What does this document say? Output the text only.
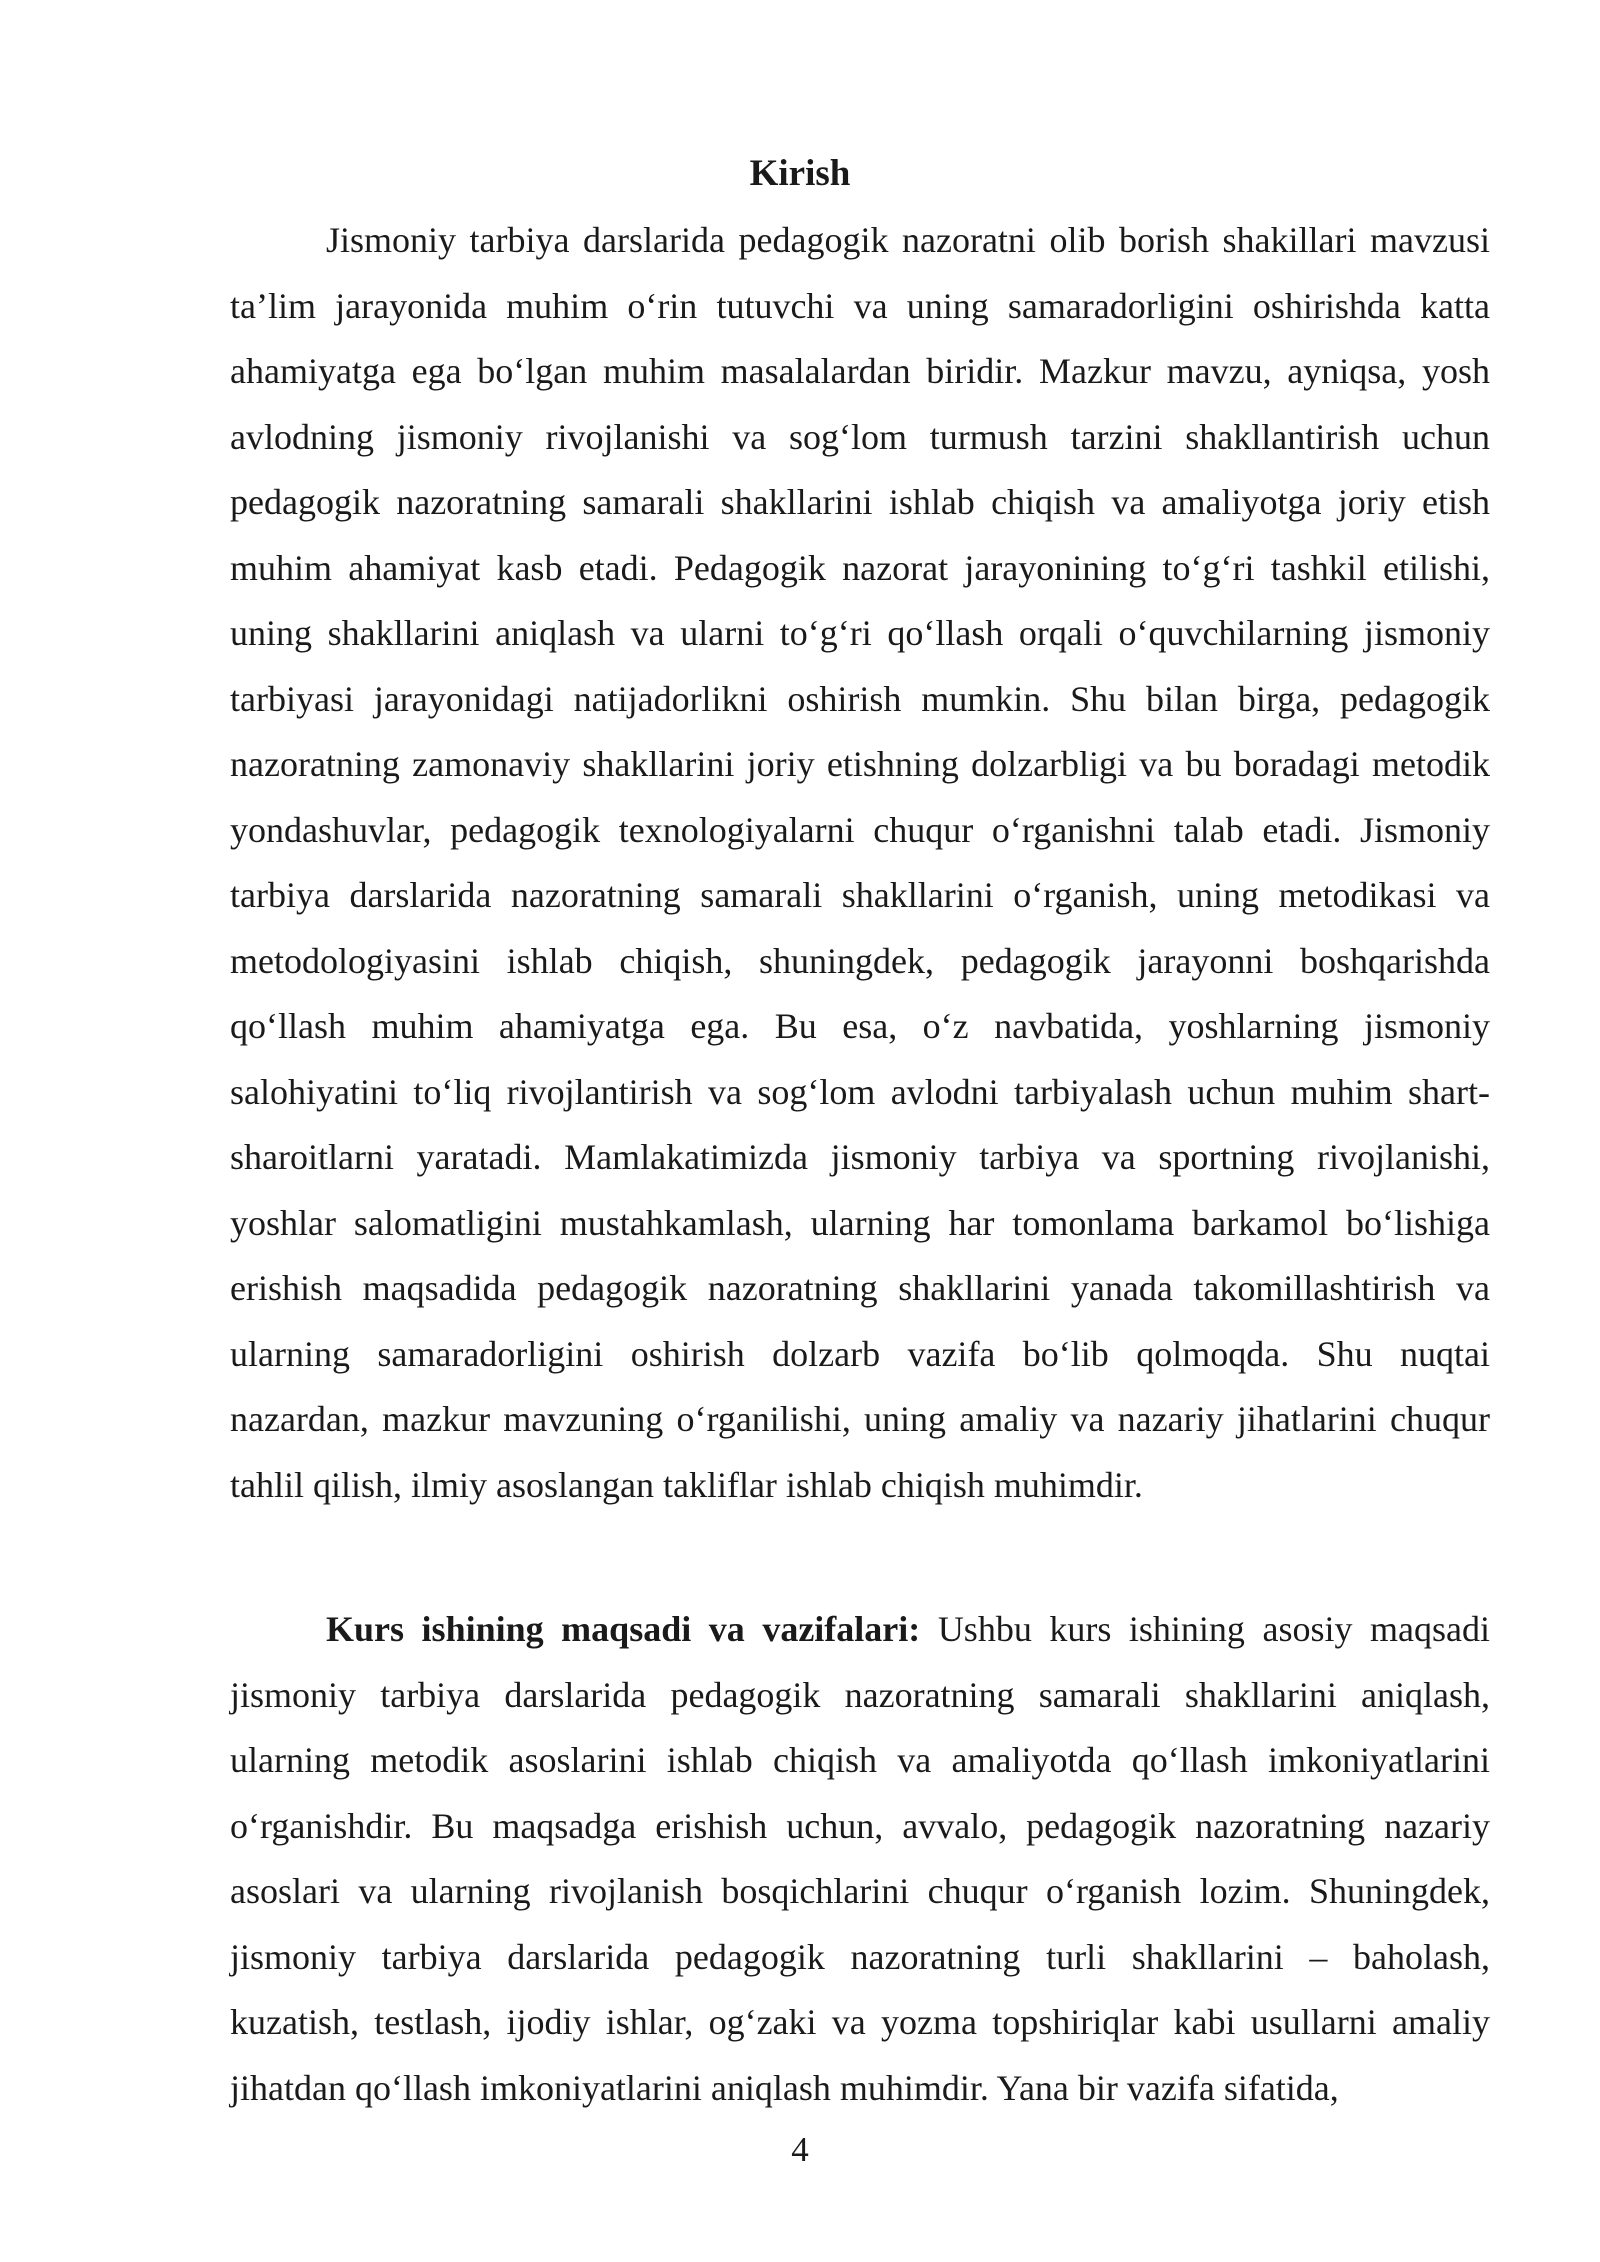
Kirish

Jismoniy tarbiya darslarida pedagogik nazoratni olib borish shakillari mavzusi ta’lim jarayonida muhim o‘rin tutuvchi va uning samaradorligini oshirishda katta ahamiyatga ega bo‘lgan muhim masalalardan biridir. Mazkur mavzu, ayniqsa, yosh avlodning jismoniy rivojlanishi va sog‘lom turmush tarzini shakllantirish uchun pedagogik nazoratning samarali shakllarini ishlab chiqish va amaliyotga joriy etish muhim ahamiyat kasb etadi. Pedagogik nazorat jarayonining to‘g‘ri tashkil etilishi, uning shakllarini aniqlash va ularni to‘g‘ri qo‘llash orqali o‘quvchilarning jismoniy tarbiyasi jarayonidagi natijadorlikni oshirish mumkin. Shu bilan birga, pedagogik nazoratning zamonaviy shakllarini joriy etishning dolzarbligi va bu boradagi metodik yondashuvlar, pedagogik texnologiyalarni chuqur o‘rganishni talab etadi. Jismoniy tarbiya darslarida nazoratning samarali shakllarini o‘rganish, uning metodikasi va metodologiyasini ishlab chiqish, shuningdek, pedagogik jarayonni boshqarishda qo‘llash muhim ahamiyatga ega. Bu esa, o‘z navbatida, yoshlarning jismoniy salohiyatini to‘liq rivojlantirish va sog‘lom avlodni tarbiyalash uchun muhim shart-sharoitlarni yaratadi. Mamlakatimizda jismoniy tarbiya va sportning rivojlanishi, yoshlar salomatligini mustahkamlash, ularning har tomonlama barkamol bo‘lishiga erishish maqsadida pedagogik nazoratning shakllarini yanada takomillashtirish va ularning samaradorligini oshirish dolzarb vazifa bo‘lib qolmoqda. Shu nuqtai nazardan, mazkur mavzuning o‘rganilishi, uning amaliy va nazariy jihatlarini chuqur tahlil qilish, ilmiy asoslangan takliflar ishlab chiqish muhimdir.

Kurs ishining maqsadi va vazifalari: Ushbu kurs ishining asosiy maqsadi jismoniy tarbiya darslarida pedagogik nazoratning samarali shakllarini aniqlash, ularning metodik asoslarini ishlab chiqish va amaliyotda qo‘llash imkoniyatlarini o‘rganishdir. Bu maqsadga erishish uchun, avvalo, pedagogik nazoratning nazariy asoslari va ularning rivojlanish bosqichlarini chuqur o‘rganish lozim. Shuningdek, jismoniy tarbiya darslarida pedagogik nazoratning turli shakllarini – baholash, kuzatish, testlash, ijodiy ishlar, og‘zaki va yozma topshiriqlar kabi usullarni amaliy jihatdan qo‘llash imkoniyatlarini aniqlash muhimdir. Yana bir vazifa sifatida,

4
